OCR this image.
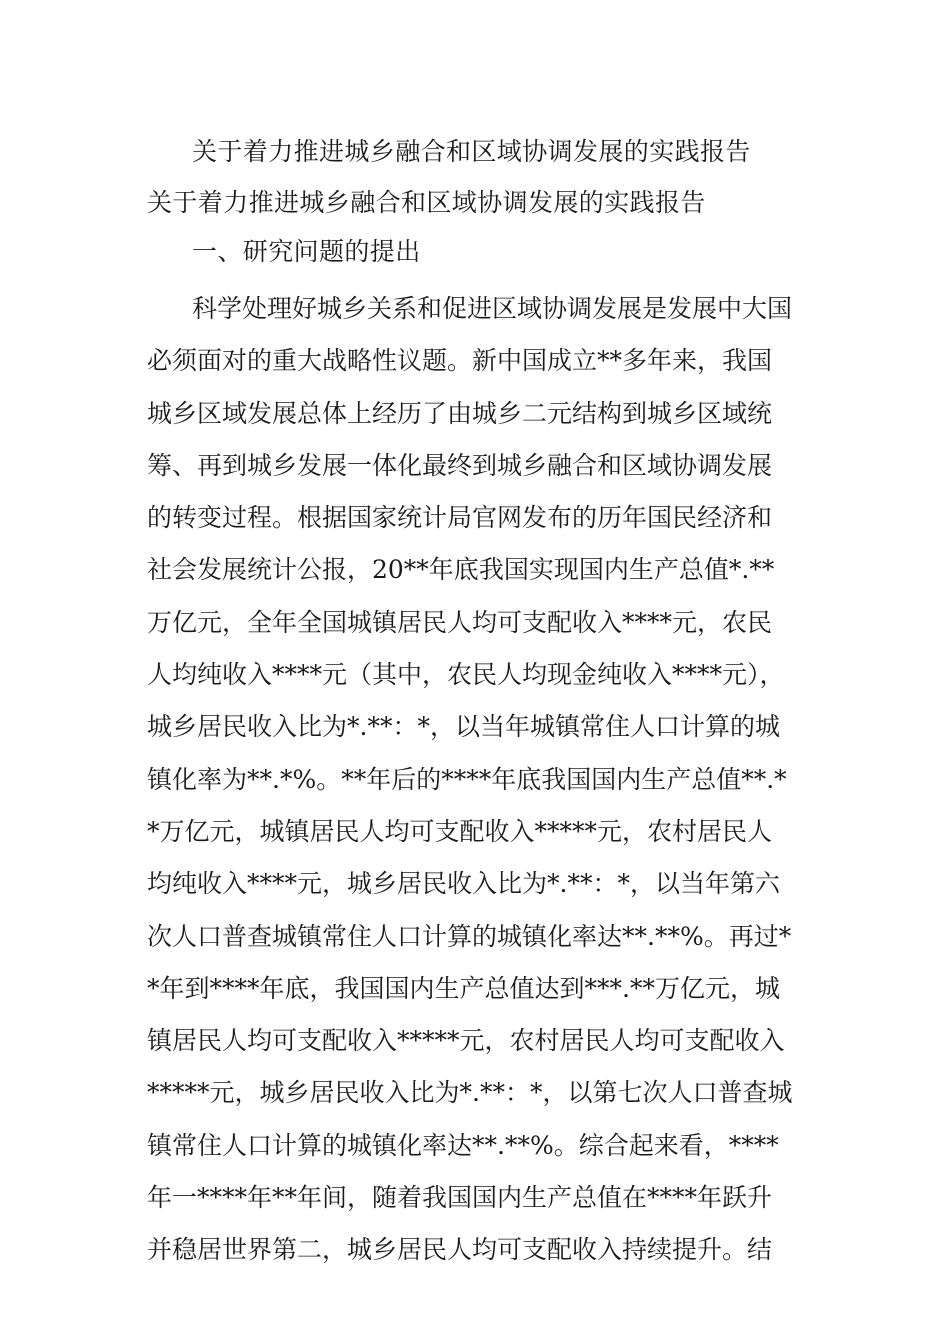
关于着力推进城乡融合和区域协调发展的实践报告
关于着力推进城乡融合和区域协调发展的实践报告
一、研究问题的提出
科学处理好城乡关系和促进区域协调发展是发展中大国
必须面对的重大战略性议题。新中国成立**多年来，我国
城乡区域发展总体上经历了由城乡二元结构到城乡区域统
筹、再到城乡发展一体化最终到城乡融合和区域协调发展
的转变过程。根据国家统计局官网发布的历年国民经济和
社会发展统计公报，20**年底我国实现国内生产总值*.**
万亿元，全年全国城镇居民人均可支配收入****元，农民
人均纯收入****元（其中，农民人均现金纯收入****元），
城乡居民收入比为*.**：*，以当年城镇常住人口计算的城
镇化率为**.*%。**年后的****年底我国国内生产总值**.*
*万亿元，城镇居民人均可支配收入*****元，农村居民人
均纯收入****元，城乡居民收入比为*.**：*，以当年第六
次人口普查城镇常住人口计算的城镇化率达**.**%。再过*
*年到****年底，我国国内生产总值达到***.**万亿元，城
镇居民人均可支配收入*****元，农村居民人均可支配收入
*****元，城乡居民收入比为*.**：*，以第七次人口普查城
镇常住人口计算的城镇化率达**.**%。综合起来看，****
年一****年**年间，随着我国国内生产总值在****年跃升
并稳居世界第二，城乡居民人均可支配收入持续提升。结
